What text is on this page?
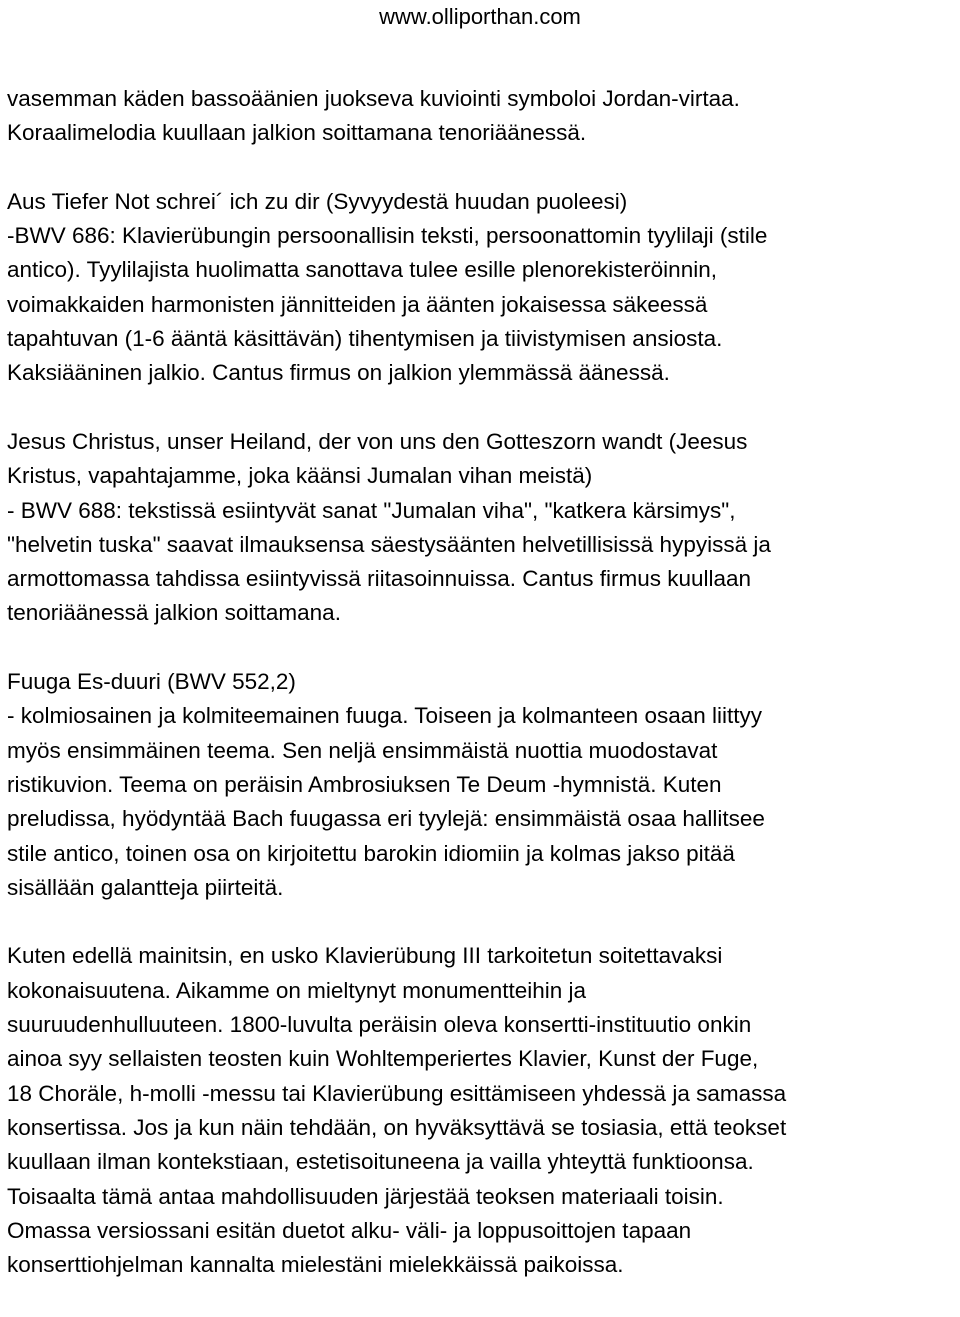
www.olliporthan.com
vasemman käden bassoäänien juokseva kuviointi symboloi Jordan-virtaa.
Koraalimelodia kuullaan jalkion soittamana tenoriäänessä.
Aus Tiefer Not schrei´ ich zu dir (Syvyydestä huudan puoleesi)
-BWV 686: Klavierübungin persoonallisin teksti, persoonattomin tyylilaji (stile
antico). Tyylilajista huolimatta sanottava tulee esille plenorekisteröinnin,
voimakkaiden harmonisten jännitteiden ja äänten jokaisessa säkeessä
tapahtuvan (1-6 ääntä käsittävän) tihentymisen ja tiivistymisen ansiosta.
Kaksiääninen jalkio. Cantus firmus on jalkion ylemmässä äänessä.
Jesus Christus, unser Heiland, der von uns den Gotteszorn wandt (Jeesus
Kristus, vapahtajamme, joka käänsi Jumalan vihan meistä)
- BWV 688: tekstissä esiintyvät sanat "Jumalan viha", "katkera kärsimys",
"helvetin tuska" saavat ilmauksensa säestysäänten helvetillisissä hypyissä ja
armottomassa tahdissa esiintyvissä riitasoinnuissa. Cantus firmus kuullaan
tenoriäänessä jalkion soittamana.
Fuuga Es-duuri (BWV 552,2)
- kolmiosainen ja kolmiteemainen fuuga. Toiseen ja kolmanteen osaan liittyy
myös ensimmäinen teema. Sen neljä ensimmäistä nuottia muodostavat
ristikuvion. Teema on peräisin Ambrosiuksen Te Deum -hymnistä. Kuten
preludissa, hyödyntää Bach fuugassa eri tyylejä: ensimmäistä osaa hallitsee
stile antico, toinen osa on kirjoitettu barokin idiomiin ja kolmas jakso pitää
sisällään galantteja piirteitä.
Kuten edellä mainitsin, en usko Klavierübung III tarkoitetun soitettavaksi
kokonaisuutena. Aikamme on mieltynyt monumentteihin ja
suuruudenhulluuteen. 1800-luvulta peräisin oleva konsertti-instituutio onkin
ainoa syy sellaisten teosten kuin Wohltemperiertes Klavier, Kunst der Fuge,
18 Choräle, h-molli -messu tai Klavierübung esittämiseen yhdessä ja samassa
konsertissa. Jos ja kun näin tehdään, on hyväksyttävä se tosiasia, että teokset
kuullaan ilman kontekstiaan, estetisoituneena ja vailla yhteyttä funktioonsa.
Toisaalta tämä antaa mahdollisuuden järjestää teoksen materiaali toisin.
Omassa versiossani esitän duetot alku- väli- ja loppusoittojen tapaan
konserttiohjelman kannalta mielestäni mielekkäissä paikoissa.
